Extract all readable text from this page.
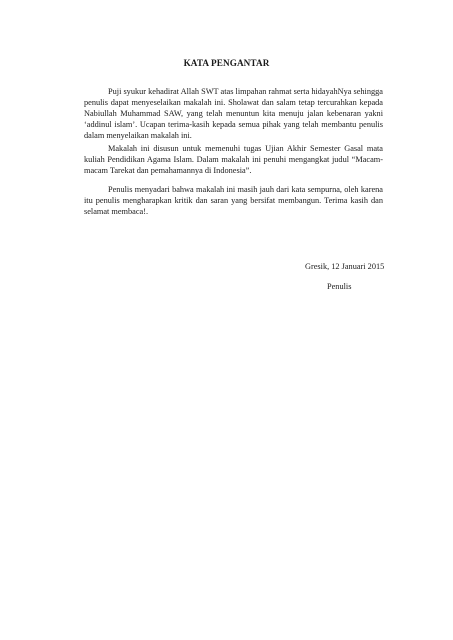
KATA PENGANTAR

Puji syukur kehadirat Allah SWT atas limpahan rahmat serta hidayahNya sehingga penulis dapat menyeselaikan makalah ini. Sholawat dan salam tetap tercurahkan kepada Nabiullah Muhammad SAW, yang telah menuntun kita menuju jalan kebenaran yakni ‘addinul islam’. Ucapan terima-kasih kepada semua pihak yang telah membantu penulis dalam menyelaikan makalah ini.

Makalah ini disusun untuk memenuhi tugas Ujian Akhir Semester Gasal mata kuliah Pendidikan Agama Islam. Dalam makalah ini penuhi mengangkat judul “Macam-macam Tarekat dan pemahamannya di Indonesia”.

Penulis menyadari bahwa makalah ini masih jauh dari kata sempurna, oleh karena itu penulis mengharapkan kritik dan saran yang bersifat membangun. Terima kasih dan selamat membaca!.

Gresik, 12 Januari 2015
Penulis
